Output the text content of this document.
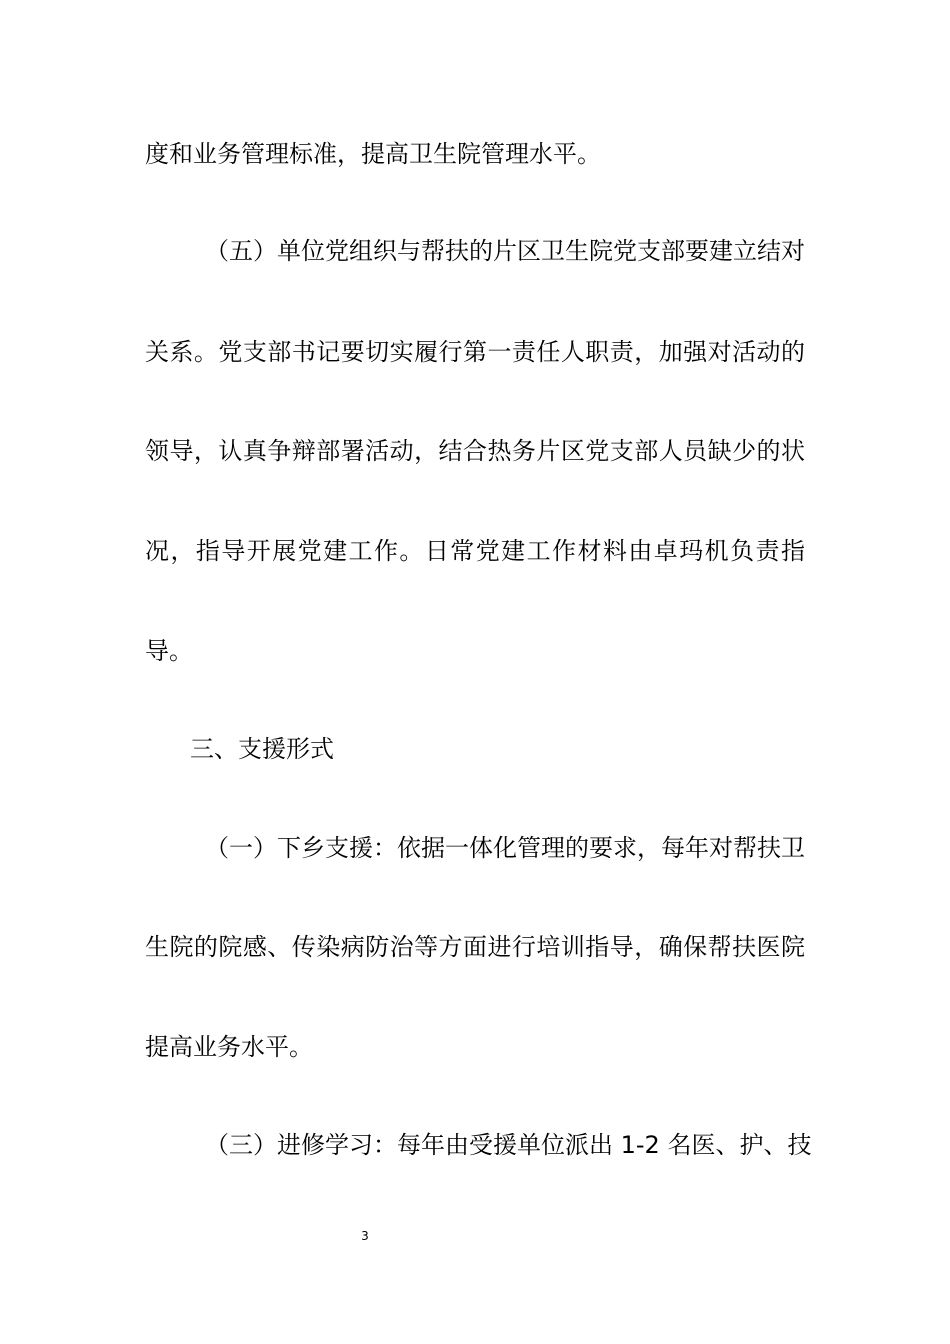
度和业务管理标准，提高卫生院管理水平。
（五）单位党组织与帮扶的片区卫生院党支部要建立结对
关系。党支部书记要切实履行第一责任人职责，加强对活动的
领导，认真争辩部署活动，结合热务片区党支部人员缺少的状
况，指导开展党建工作。日常党建工作材料由卓玛机负责指
导。
三、支援形式
（一）下乡支援：依据一体化管理的要求，每年对帮扶卫
生院的院感、传染病防治等方面进行培训指导，确保帮扶医院
提高业务水平。
（三）进修学习：每年由受援单位派出 1-2 名医、护、技
3
